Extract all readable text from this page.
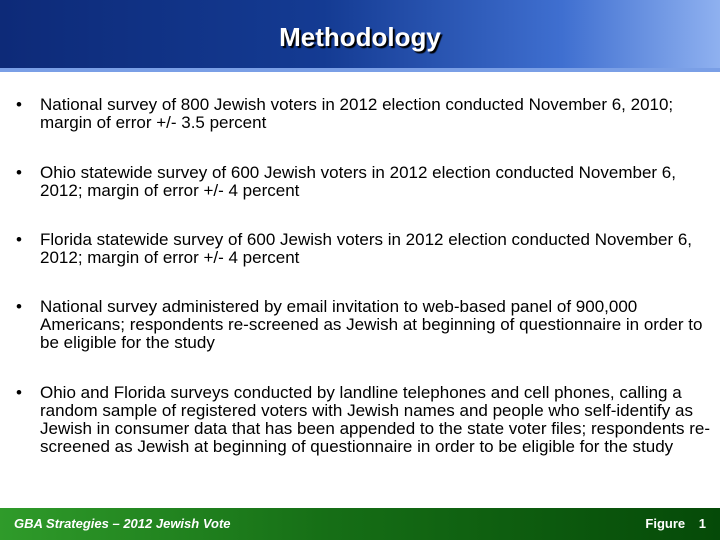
Methodology
•	National survey of 800 Jewish voters in 2012 election conducted November 6, 2010; margin of error +/- 3.5 percent
•	Ohio statewide survey of 600 Jewish voters in 2012 election conducted November 6, 2012; margin of error +/- 4 percent
•	Florida statewide survey of 600 Jewish voters in 2012 election conducted November 6, 2012; margin of error +/- 4 percent
•	National survey administered by email invitation to web-based panel of 900,000 Americans; respondents re-screened as Jewish at beginning of questionnaire in order to be eligible for the study
•	Ohio and Florida surveys conducted by landline telephones and cell phones, calling a random sample of registered voters with Jewish names and people who self-identify as Jewish in consumer data that has been appended to the state voter files; respondents re-screened as Jewish at beginning of questionnaire in order to be eligible for the study
GBA Strategies – 2012 Jewish Vote	Figure 1
